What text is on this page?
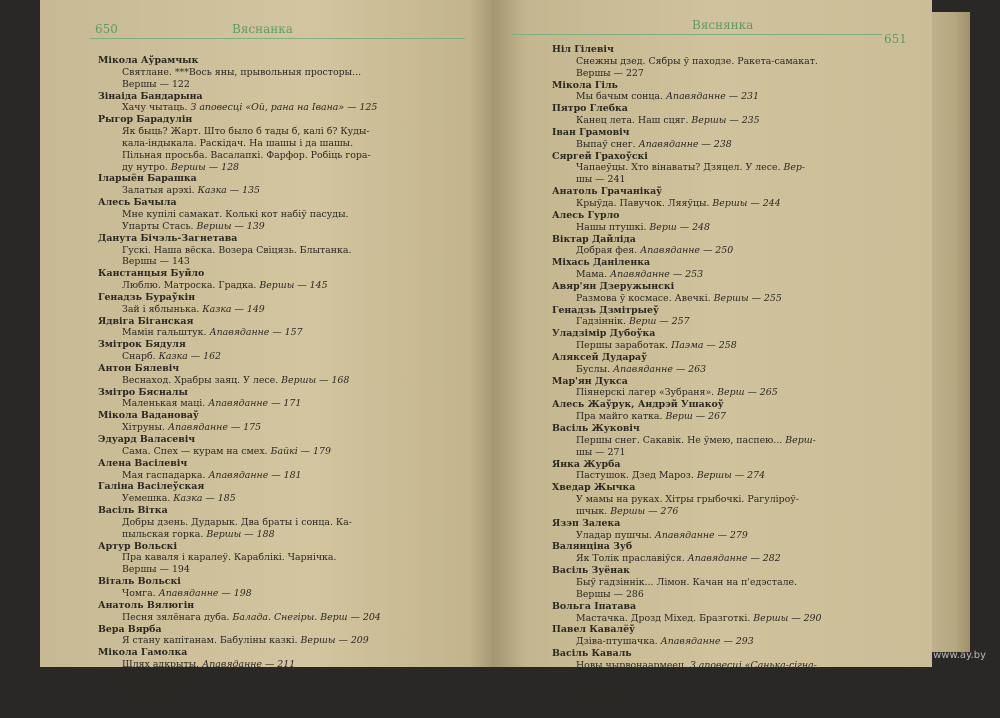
650	Вяснанка
Мікола Аўрамчык
Святлане. ***Вось яны, прывольныя просторы...
Вершы — 122
Зінаіда Бандарына
Хачу чытаць. З аповесці «Ой, рана на Івана» — 125
Рыгор Барадулін
Як быць? Жарт. Што было б тады б, калі б? Куды-
кала-індыкала. Раскідач. На шашы і да шашы.
Пільная просьба. Васалапкі. Фарфор. Робіць гора-
ду нутро. Вершы — 128
Іларыён Барашка
Залатыя арэхі. Казка — 135
Алесь Бачыла
Мне купілі самакат. Колькі кот набіў пасуды.
Упарты Стась. Вершы — 139
Данута Бічэль-Загнетава
Гускі. Наша вёска. Возера Свіцязь. Блытанка.
Вершы — 143
Канстанцыя Буйло
Люблю. Матроска. Градка. Вершы — 145
Генадзь Бураўкін
Зай і яблынька. Казка — 149
Ядвіга Біганская
Мамін гальштук. Апавяданне — 157
Змітрок Бядуля
Снарб. Казка — 162
Антон Бялевіч
Веснаход. Храбры заяц. У лесе. Вершы — 168
Змітро Бясналы
Маленькая маці. Апавяданне — 171
Мікола Вадановаў
Хітруны. Апавяданне — 175
Эдуард Валасевіч
Сама. Спех — курам на смех. Байкі — 179
Алена Васілевіч
Мая гаспадарка. Апавяданне — 181
Галіна Васілеўская
Уемешка. Казка — 185
Васіль Вітка
Добры дзень. Дударык. Два браты і сонца. Ка-
пыльская горка. Вершы — 188
Артур Вольскі
Пра каваля і каралеў. Караблікі. Чарнічка.
Вершы — 194
Віталь Вольскі
Чомга. Апавяданне — 198
Анатоль Вялюгін
Песня зялёнага дуба. Балада. Снегіры. Верш — 204
Вера Вярба
Я стану капітанам. Бабуліны казкі. Вершы — 209
Мікола Гамолка
Шлях адкрыты. Апавяданне — 211
Вісарыён Гарбук
Горад без папугайчыкаў. Апавяданне — 215
Віктар Гардзей
Дапамог. Часнок. Вершы — 225
Вяснянка
651
Ніл Гілевіч
Снежны дзед. Сябры ў паходзе. Ракета-самакат.
Вершы — 227
Мікола Гіль
Мы бачым сонца. Апавяданне — 231
Пятро Глебка
Канец лета. Наш сцяг. Вершы — 235
Іван Грамовіч
Выпаў снег. Апавяданне — 238
Сяргей Грахоўскі
Чапаеўцы. Хто вінаваты? Дзяцел. У лесе. Вер-
шы — 241
Анатоль Грачанікаў
Крыўда. Павучок. Ляяўцы. Вершы — 244
Алесь Гурло
Нашы птушкі. Верш — 248
Віктар Дайліда
Добрая фея. Апавяданне — 250
Міхась Даніленка
Мама. Апавяданне — 253
Авяр'ян Дзеружынскі
Размова ў космасе. Авечкі. Вершы — 255
Генадзь Дзмітрыеў
Гадзіннік. Верш — 257
Уладзімір Дубоўка
Першы заработак. Паэма — 258
Аляксей Дудараў
Буслы. Апавяданне — 263
Мар'ян Дукса
Піянерскі лагер «Зубраня». Верш — 265
Алесь Жаўрук, Андрэй Ушакоў
Пра майго катка. Верш — 267
Васіль Жуковіч
Першы снег. Сакавік. Не ўмею, паспею... Верш-
шы — 271
Янка Журба
Пастушок. Дзед Мароз. Вершы — 274
Хведар Жычка
У мамы на руках. Хітры грыбочкі. Рагуліроў-
шчык. Вершы — 276
Язэп Залека
Уладар пушчы. Апавяданне — 279
Валянціна Зуб
Як Толік праславіўся. Апавяданне — 282
Васіль Зуёнак
Быў гадзіннік... Лімон. Качан на п'едэстале.
Вершы — 286
Вольга Іпатава
Мастачка. Дрозд Міхед. Бразготкі. Вершы — 290
Павел Кавалёў
Дзіва-птушачка. Апавяданне — 293
Васіль Каваль
Новы чырвонаармеец. З аповесці «Санька-сігна-
ліст» — 296
Віктар Казько
Хлопчыкі і конь. Апавяданне — 300
www.ay.by
